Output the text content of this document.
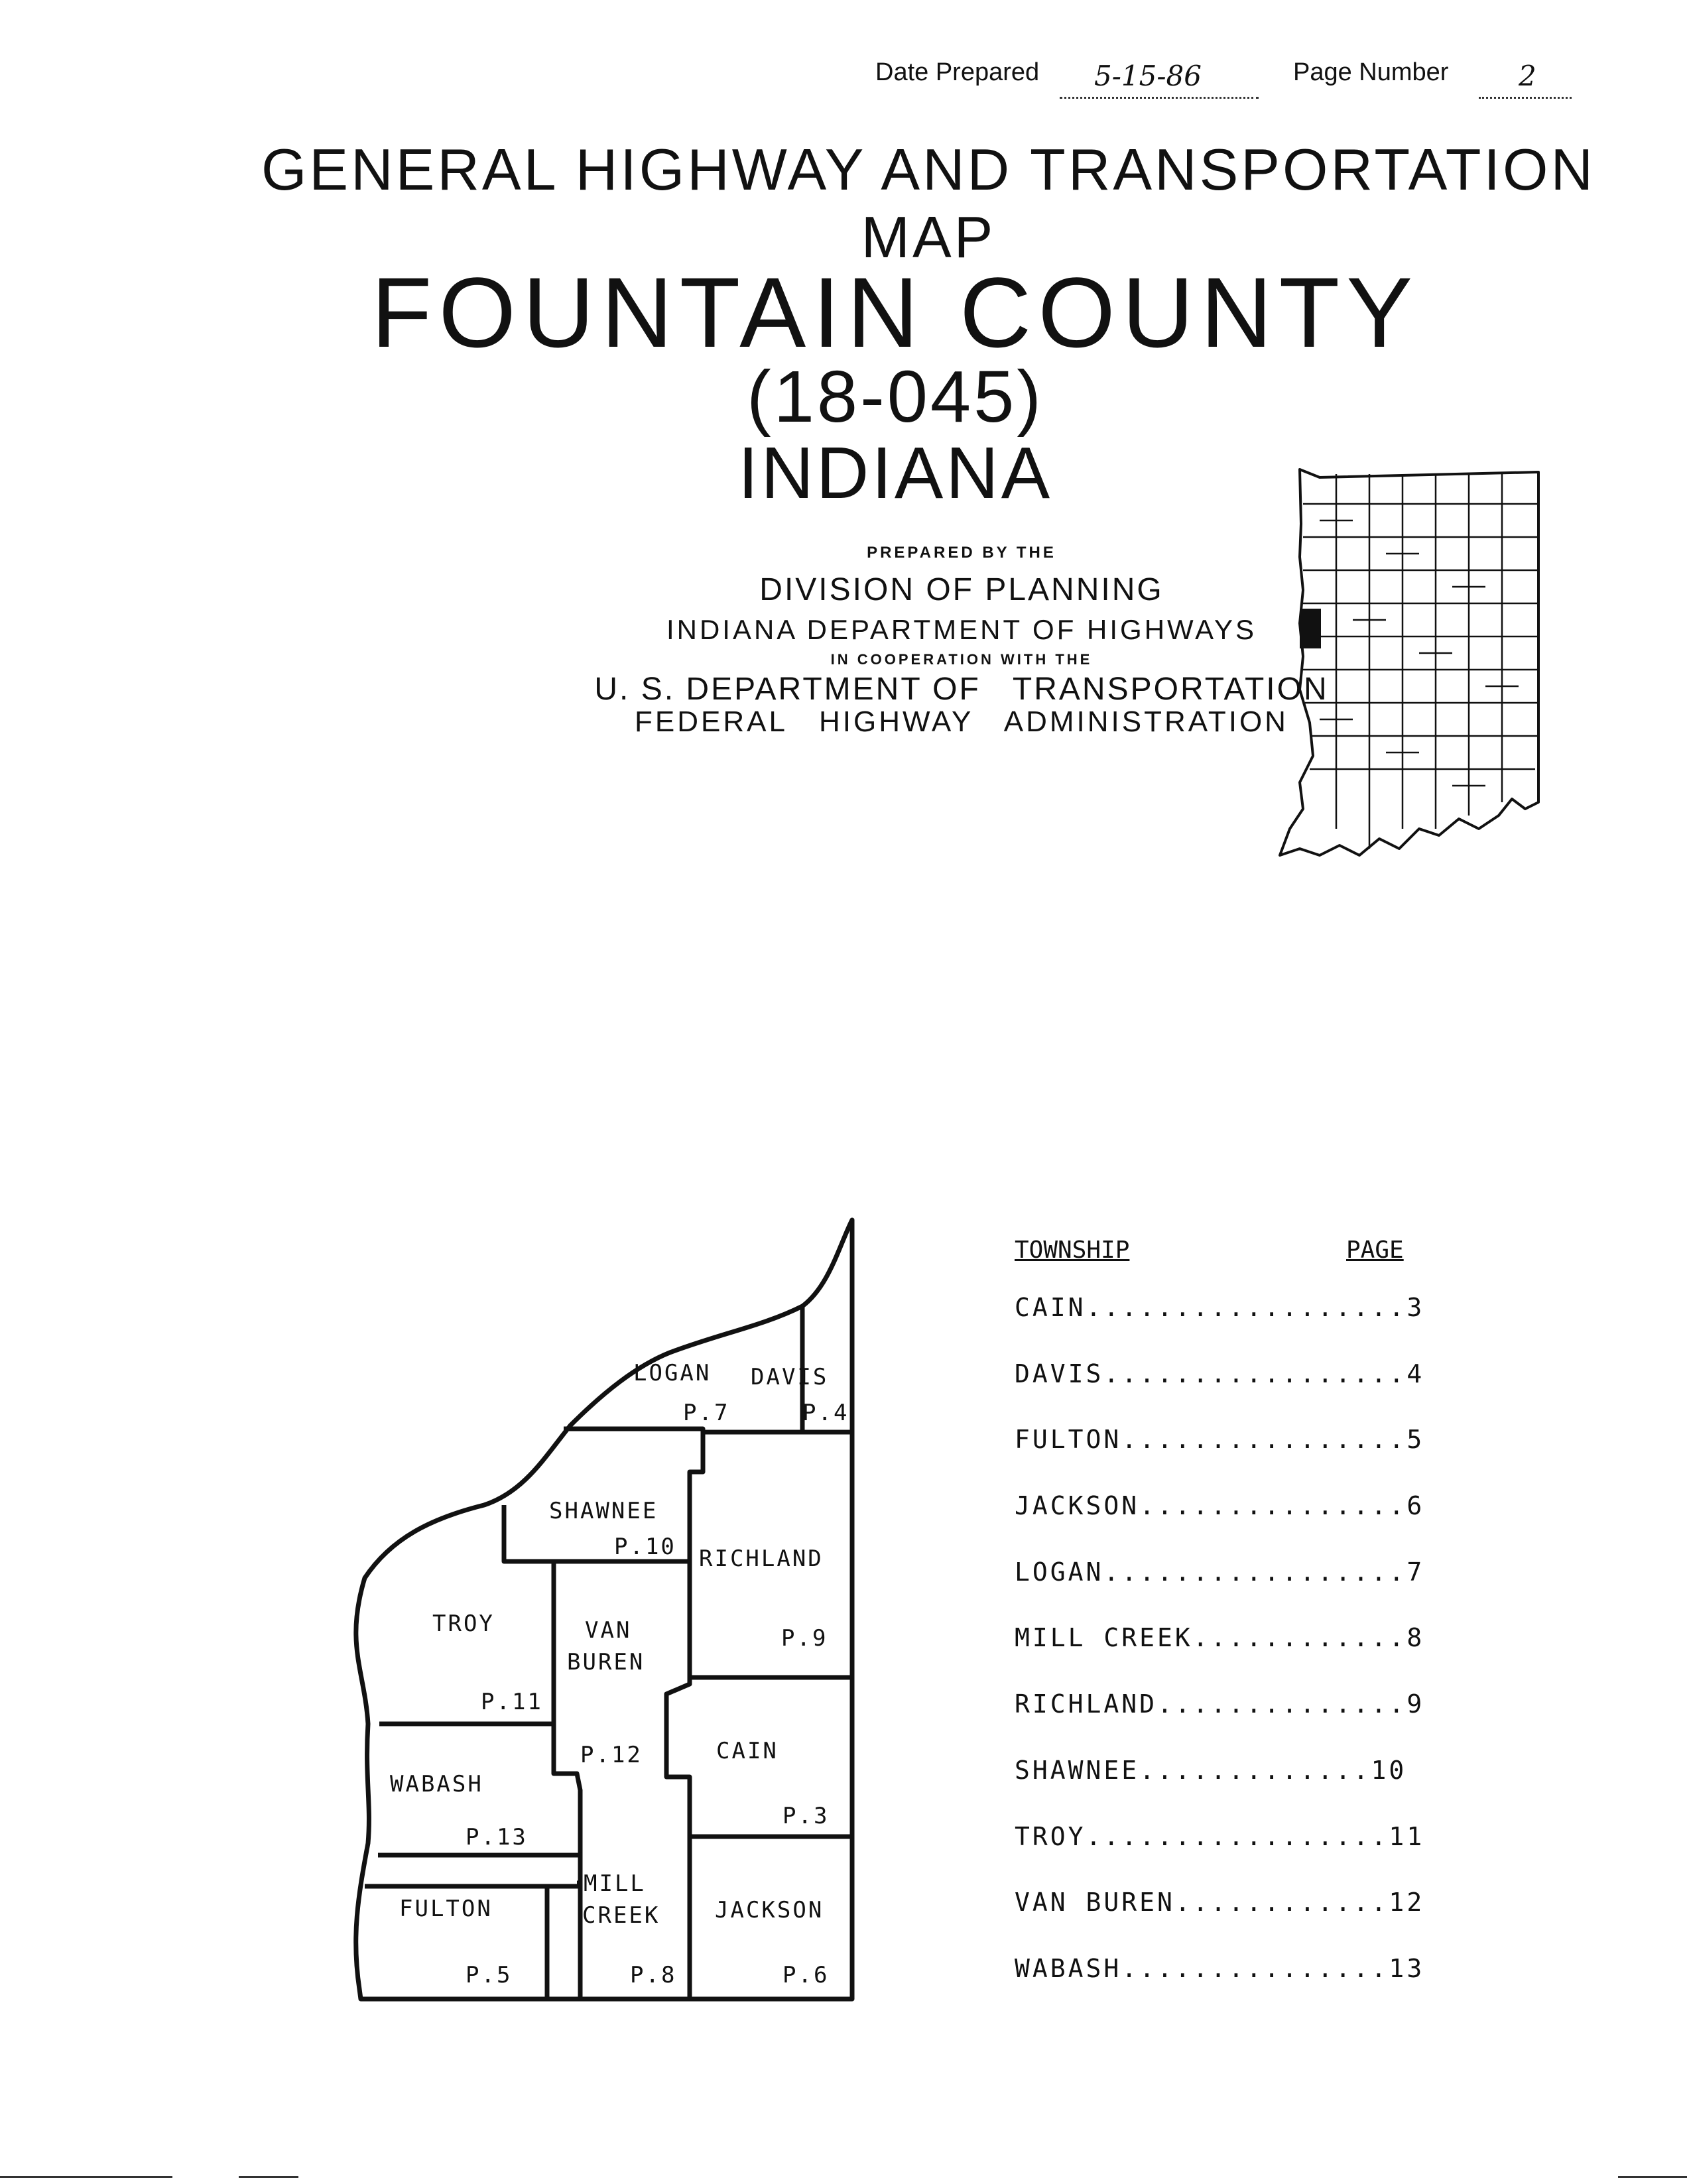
Date Prepared 5-15-86	Page Number	2
GENERAL HIGHWAY AND TRANSPORTATION MAP
FOUNTAIN COUNTY
(18-045)
INDIANA
PREPARED BY THE
DIVISION OF PLANNING
INDIANA DEPARTMENT OF HIGHWAYS
IN COOPERATION WITH THE
U. S. DEPARTMENT OF   TRANSPORTATION
FEDERAL   HIGHWAY   ADMINISTRATION
LOGAN
P.7
DAVIS
P.4
SHAWNEE
P.10 RICHLAND
P.9
TROY
P.11
VAN
BUREN
P.12	CAIN
P.3
WABASH
P.13
FULTON
P.5
MILL
CREEK
P.8
JACKSON
P.6
TOWNSHIP	PAGE
CAIN..................3
DAVIS.................4
FULTON................5
JACKSON...............6
LOGAN.................7
MILL CREEK............8
RICHLAND..............9
SHAWNEE.............10
TROY.................11
VAN BUREN............12
WABASH...............13
